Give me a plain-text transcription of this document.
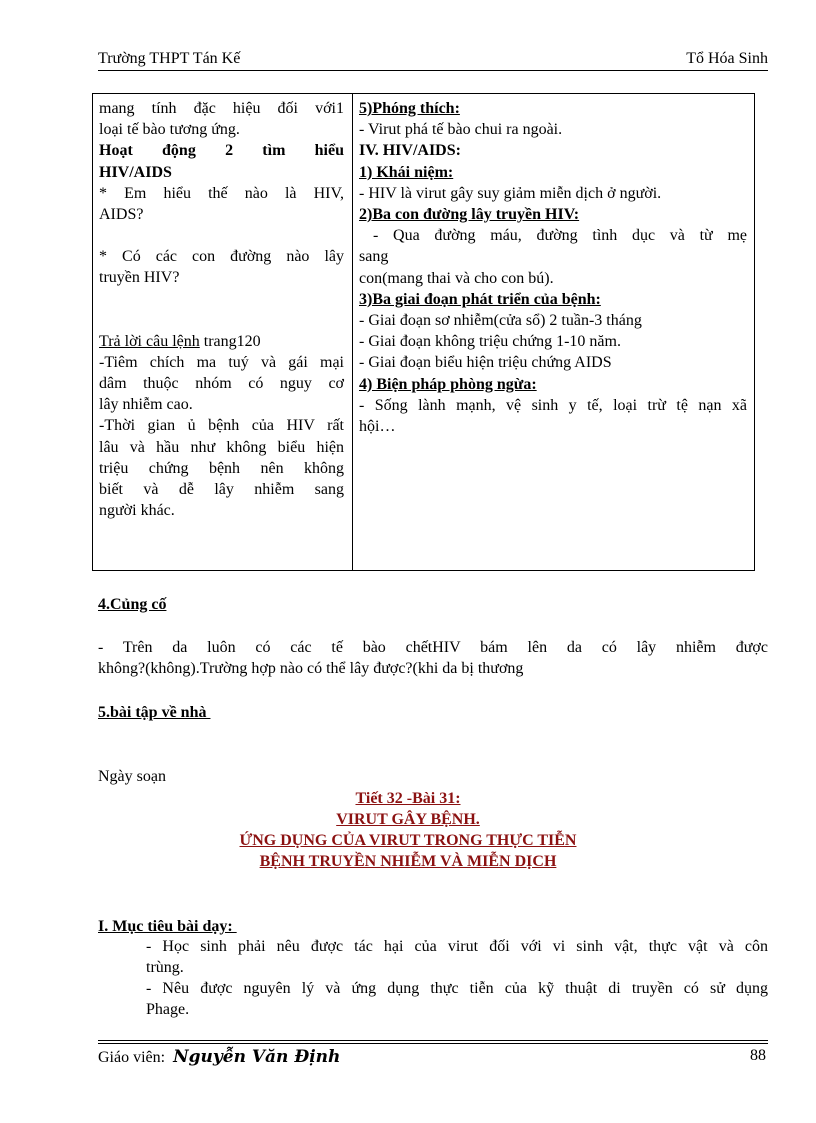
Trường THPT Tán Kế	Tổ Hóa Sinh
mang tính đặc hiệu đối với1
loại tế bào tương ứng.
Hoạt động 2 tìm hiểu
HIV/AIDS
* Em hiểu thế nào là HIV,
AIDS?
* Có các con đường nào lây
truyền HIV?
Trả lời câu lệnh trang120
-Tiêm chích ma tuý và gái mại
dâm thuộc nhóm có nguy cơ
lây nhiễm cao.
-Thời gian ủ bệnh của HIV rất
lâu và hầu như không biểu hiện
triệu chứng bệnh nên không
biết và dễ lây nhiễm sang
người khác.
5)Phóng thích:
- Virut phá tế bào chui ra ngoài.
IV. HIV/AIDS:
1) Khái niệm:
- HIV là virut gây suy giảm miễn dịch ở người.
2)Ba con đường lây truyền HIV:
- Qua đường máu, đường tình dục và từ mẹ
sang
con(mang thai và cho con bú).
3)Ba giai đoạn phát triển của bệnh:
- Giai đoạn sơ nhiễm(cửa sổ) 2 tuần-3 tháng
- Giai đoạn không triệu chứng 1-10 năm.
- Giai đoạn biểu hiện triệu chứng AIDS
4) Biện pháp phòng ngừa:
- Sống lành mạnh, vệ sinh y tế, loại trừ tệ nạn xã
hội…
4.Củng cố
- Trên da luôn có các tế bào chếtHIV bám lên da có lây nhiễm được
không?(không).Trường hợp nào có thể lây được?(khi da bị thương
5.bài tập về nhà
Ngày soạn
Tiết 32 -Bài 31:
VIRUT GÂY BỆNH.
ỨNG DỤNG CỦA VIRUT TRONG THỰC TIỄN
BỆNH TRUYỀN NHIỄM VÀ MIỄN DỊCH
I. Mục tiêu bài dạy:
- Học sinh phải nêu được tác hại của virut đối với vi sinh vật, thực vật và côn
trùng.
- Nêu được nguyên lý và ứng dụng thực tiễn của kỹ thuật di truyền có sử dụng
Phage.
Giáo viên: Nguyễn Văn Định	88
